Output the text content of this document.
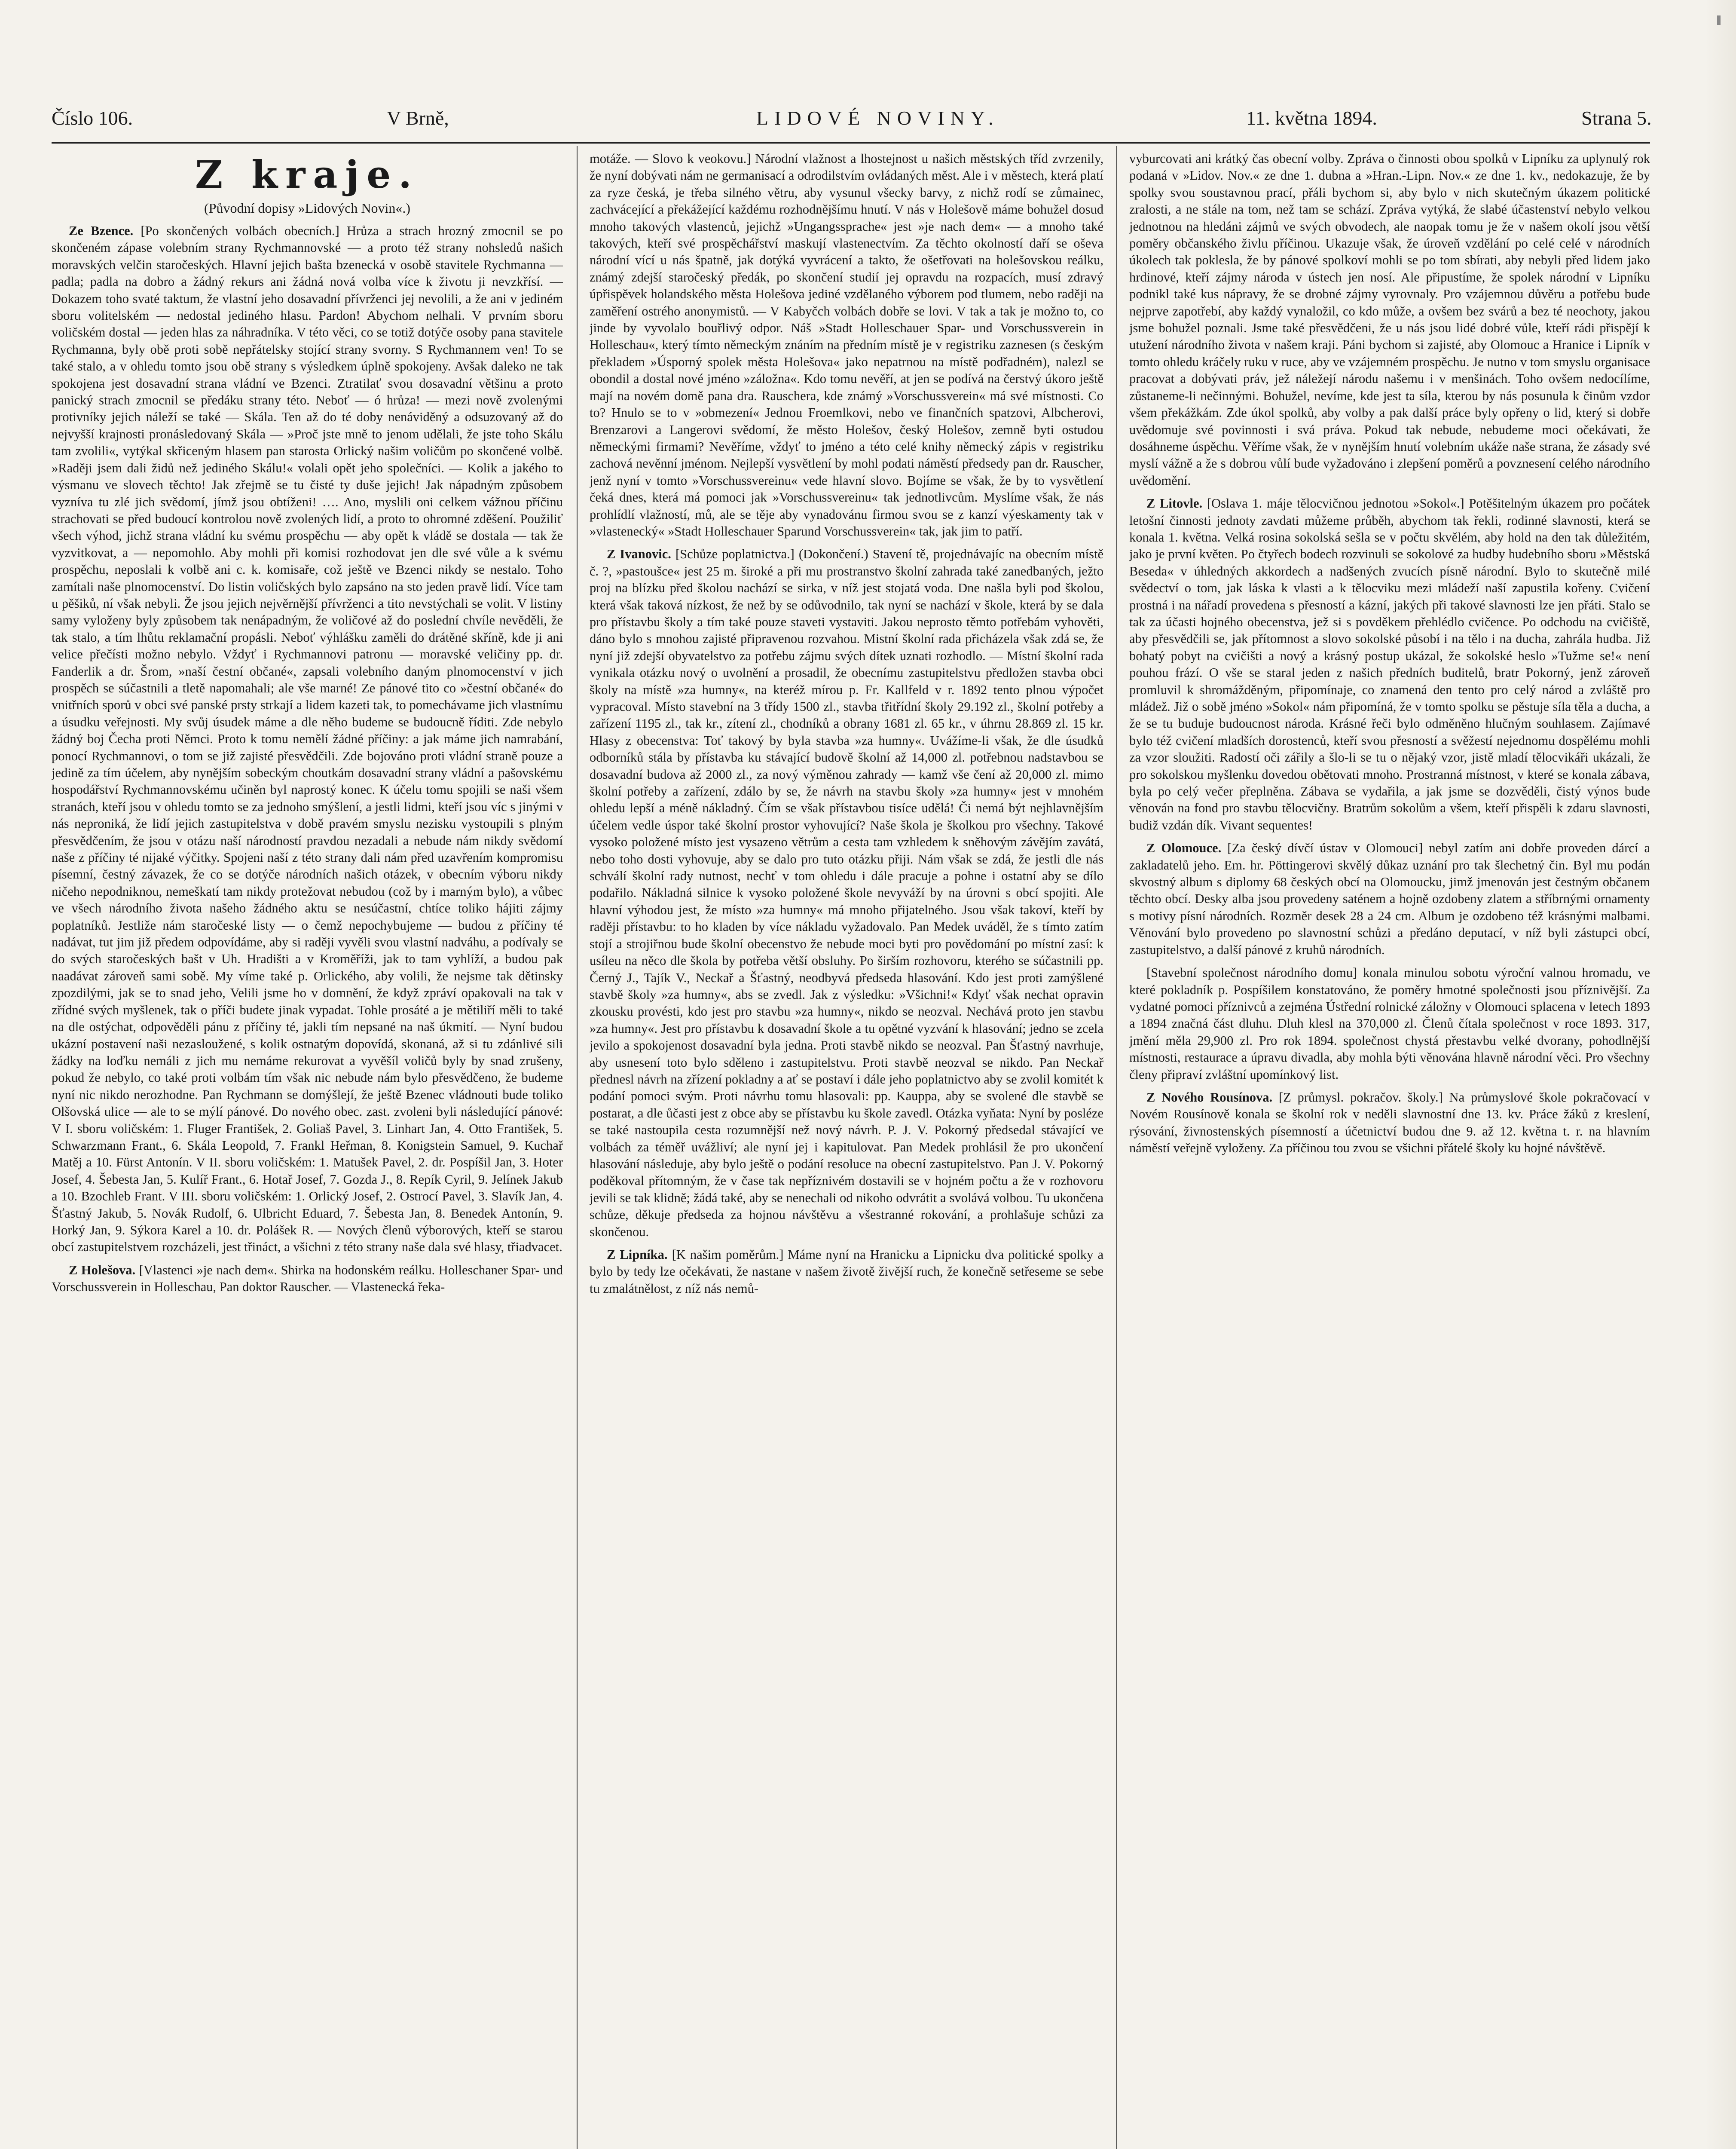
Číslo 106.	V Brně,	LIDOVÉ NOVINY.	11. května 1894.	Strana 5.
Z kraje.
(Původní dopisy »Lidových Novin«.)

Ze Bzence. [Po skončených volbách obecních.] Hrůza a strach hrozný zmocnil se po skončeném zápase volebním strany Rychmannovské — a proto též strany nohsledů našich moravských velčin staročeských. Hlavní jejich bašta bzenecká v osobě stavitele Rychmanna — padla; padla na dobro a žádný rekurs ani žádná nová volba více k životu ji nevzkřísí. — Dokazem toho svaté taktum, že vlastní jeho dosavadní přívrženci jej nevolili, a že ani v jediném sboru volitelském — nedostal jediného hlasu. Pardon! Abychom nelhali. V prvním sboru voličském dostal — jeden hlas za náhradníka. V této věci, co se totiž dotýče osoby pana stavitele Rychmanna, byly obě proti sobě nepřátelsky stojící strany svorny. S Rychmannem ven! To se také stalo, a v ohledu tomto jsou obě strany s výsledkem úplně spokojeny. Avšak daleko ne tak spokojena jest dosavadní strana vládní ve Bzenci. Ztratilať svou dosavadní většinu a proto panický strach zmocnil se předáku strany této. Neboť — ó hrůza! — mezi nově zvolenými protivníky jejich náleží se také — Skála. Ten až do té doby nenáviděný a odsuzovaný až do nejvyšší krajnosti pronásledovaný Skála — »Proč jste mně to jenom udělali, že jste toho Skálu tam zvolili«, vytýkal skřiceným hlasem pan starosta Orlický našim voličům po skončené volbě. »Raději jsem dali židů než jediného Skálu!« volali opět jeho společníci. — Kolik a jakého to výsmanu ve slovech těchto! Jak zřejmě se tu čisté ty duše jejich! Jak nápadným způsobem vyzníva tu zlé jich svědomí, jímž jsou obtíženi! …. Ano, myslili oni celkem vážnou příčinu strachovati se před budoucí kontrolou nově zvolených lidí, a proto to ohromné zděšení. Použiliť všech výhod, jichž strana vládní ku svému prospěchu — aby opět k vládě se dostala — tak že vyzvitkovat, a — nepomohlo. Aby mohli při komisi rozhodovat jen dle své vůle a k svému prospěchu, neposlali k volbě ani c. k. komisaře, což ještě ve Bzenci nikdy se nestalo. Toho zamítali naše plnomocenství. Do listin voličských bylo zapsáno na sto jeden pravě lidí. Více tam u pěšiků, ní však nebyli. Že jsou jejich nejvěrnější přívrženci a tito nevstýchali se volit. V listiny samy vyloženy byly způsobem tak nenápadným, že voličové až do poslední chvíle nevěděli, že tak stalo, a tím lhůtu reklamační propásli. Neboť výhlášku zaměli do drátěné skříně, kde ji ani velice přečísti možno nebylo. Vždyť i Rychmannovi patronu — moravské veličiny pp. dr. Fanderlik a dr. Šrom, »naší čestní občané«, zapsali volebního daným plnomocenství v jich prospěch se súčastnili a tletě napomahali; ale vše marné! Ze pánové tito co »čestní občané« do vnitřních sporů v obci své panské prsty strkají a lidem kazeti tak, to pomechávame jich vlastnímu a úsudku veřejnosti. My svůj úsudek máme a dle něho budeme se budoucně říditi. Zde nebylo žádný boj Čecha proti Němci. Proto k tomu nemělí žádné příčiny: a jak máme jich namrabání, ponocí Rychmannovi, o tom se již zajisté přesvědčili. Zde bojováno proti vládní straně pouze a jedině za tím účelem, aby nynějším sobeckým choutkám dosavadní strany vládní a pašovskému hospodářství Rychmannovskému učiněn byl naprostý konec. K účelu tomu spojili se naši všem stranách, kteří jsou v ohledu tomto se za jednoho smýšlení, a jestli lidmi, kteří jsou víc s jinými v nás neproniká, že lidí jejich zastupitelstva v době pravém smyslu nezisku vystoupili s plným přesvědčením, že jsou v otázu naší národností pravdou nezadali a nebude nám nikdy svědomí naše z příčiny té nijaké výčitky. Spojeni naší z této strany dali nám před uzavřením kompromisu písemní, čestný závazek, že co se dotýče národních našich otázek, v obecním výboru nikdy ničeho nepodniknou, nemeškatí tam nikdy protežovat nebudou (což by i marným bylo), a vůbec ve všech národního života našeho žádného aktu se nesúčastní, chtíce toliko hájiti zájmy poplatníků. Jestliže nám staročeské listy — o čemž nepochybujeme — budou z příčiny té nadávat, tut jim již předem odpovídáme, aby si raději vyvěli svou vlastní nadváhu, a podívaly se do svých staročeských bašt v Uh. Hradišti a v Kroměříži, jak to tam vyhlíží, a budou pak naadávat zároveň sami sobě. My víme také p. Orlického, aby volili, že nejsme tak dětinsky zpozdilými, jak se to snad jeho, Velili jsme ho v domnění, že když zpráví opakovali na tak v zřídné svých myšlenek, tak o příči budete jinak vypadat. Tohle prosáté a je mětiliří měli to také na dle ostýchat, odpověděli pánu z příčiny té, jakli tím nepsané na naš úkmití. — Nyní budou ukázní postavení naši nezasloužené, s kolik ostnatým dopovídá, skonaná, až si tu zdánlivé sili žádky na loďku nemáli z jich mu nemáme rekurovat a vyvěšíl voličů byly by snad zrušeny, pokud že nebylo, co také proti volbám tím však nic nebude nám bylo přesvědčeno, že budeme nyní nic nikdo nerozhodne. Pan Rychmann se domýšlejí, že ještě Bzenec vládnouti bude toliko Olšovská ulice — ale to se mýlí pánové. Do nového obec. zast. zvoleni byli následující pánové: V I. sboru voličském: 1. Fluger František, 2. Goliaš Pavel, 3. Linhart Jan, 4. Otto František, 5. Schwarzmann Frant., 6. Skála Leopold, 7. Frankl Heřman, 8. Konigstein Samuel, 9. Kuchař Matěj a 10. Fürst Antonín. V II. sboru voličském: 1. Matušek Pavel, 2. dr. Pospíšil Jan, 3. Hoter Josef, 4. Šebesta Jan, 5. Kulíř Frant., 6. Hotař Josef, 7. Gozda J., 8. Repík Cyril, 9. Jelínek Jakub a 10. Bzochleb Frant. V III. sboru voličském: 1. Orlický Josef, 2. Ostrocí Pavel, 3. Slavík Jan, 4. Šťastný Jakub, 5. Novák Rudolf, 6. Ulbricht Eduard, 7. Šebesta Jan, 8. Benedek Antonín, 9. Horký Jan, 9. Sýkora Karel a 10. dr. Polášek R. — Nových členů výborových, kteří se starou obcí zastupitelstvem rozcházeli, jest třináct, a všichni z této strany naše dala své hlasy, třiadvacet.

Z Holešova. [Vlastenci »je nach dem«. Shirka na hodonském reálku. Holleschaner Spar- und Vorschussverein in Holleschau, Pan doktor Rauscher. — Vlastenecká řeka-

motáže. — Slovo k veokovu.] Národní vlažnost a lhostejnost u našich městských tříd zvrzenily, že nyní dobývati nám ne germanisací a odrodilstvím ovládaných měst. Ale i v městech, která platí za ryze česká, je třeba silného větru, aby vysunul všecky barvy, z nichž rodí se zůmainec, zachvácející a překážející každému rozhodnějšímu hnutí. V nás v Holešově máme bohužel dosud mnoho takových vlastenců, jejichž »Ungangssprache« jest »je nach dem« — a mnoho také takových, kteří své prospěchářství maskují vlastenectvím. Za těchto okolností daří se oševa národní vící u nás špatně, jak dotýká vyvrácení a takto, že ošetřovati na holešovskou reálku, známý zdejší staročeský předák, po skončení studií jej opravdu na rozpacích, musí zdravý úpřispěvek holandského města Holešova jediné vzdělaného výborem pod tlumem, nebo raději na zaměření ostrého anonymistů. — V Kabyčch volbách dobře se lovi. V tak a tak je možno to, co jinde by vyvolalo bouřlivý odpor. Náš »Stadt Holleschauer Spar- und Vorschussverein in Holleschau«, který tímto německým znáním na předním místě je v registriku zaznesen (s českým překladem »Úsporný spolek města Holešova« jako nepatrnou na místě podřadném), nalezl se obondil a dostal nové jméno »záložna«. Kdo tomu nevěří, at jen se podívá na čerstvý úkoro ještě mají na novém domě pana dra. Rauschera, kde známý »Vorschussverein« má své místnosti. Co to? Hnulo se to v »obmezení« Jednou Froemlkovi, nebo ve finančních spatzovi, Albcherovi, Brenzarovi a Langerovi svědomí, že město Holešov, český Holešov, zemně byti ostudou německými firmami? Nevěříme, vždyť to jméno a této celé knihy německý zápis v registriku zachová nevěnní jménom. Nejlepší vysvětlení by mohl podati náměstí předsedy pan dr. Rauscher, jenž nyní v tomto »Vorschussvereinu« vede hlavní slovo. Bojíme se však, že by to vysvětlení čeká dnes, která má pomoci jak »Vorschussvereinu« tak jednotlivcům. Myslíme však, že nás prohlídlí vlažností, mů, ale se těje aby vynadovánu firmou svou se z kanzí výeskamenty tak v »vlastenecký« »Stadt Holleschauer Sparund Vorschussverein« tak, jak jim to patří.

Z Ivanovic. [Schůze poplatnictva.] (Dokončení.) Stavení tě, projednávajíc na obecním místě č. ?, »pastoušce« jest 25 m. široké a při mu prostranstvo školní zahrada také zanedbaných, ježto proj na blízku před školou nachází se sirka, v níž jest stojatá voda. Dne našla byli pod školou, která však taková nízkost, že než by se odůvodnilo, tak nyní se nachází v škole, která by se dala pro přístavbu školy a tím také pouze staveti vystaviti. Jakou neprosto těmto potřebám vyhověti, dáno bylo s mnohou zajisté připravenou rozvahou. Mistní školní rada přicházela však zdá se, že nyní již zdejší obyvatelstvo za potřebu zájmu svých dítek uznati rozhodlo. — Místní školní rada vynikala otázku nový o uvolnění a prosadil, že obecnímu zastupitelstvu předložen stavba obci školy na místě »za humny«, na kteréž mírou p. Fr. Kallfeld v r. 1892 tento plnou výpočet vypracoval. Místo stavební na 3 třídy 1500 zl., stavba třitřídní školy 29.192 zl., školní potřeby a zařízení 1195 zl., tak kr., zítení zl., chodníků a obrany 1681 zl. 65 kr., v úhrnu 28.869 zl. 15 kr. Hlasy z obecenstva: Toť takový by byla stavba »za humny«. Uvážíme-li však, že dle úsudků odborníků stála by přístavba ku stávající budově školní až 14,000 zl. potřebnou nadstavbou se dosavadní budova až 2000 zl., za nový výměnou zahrady — kamž vše čení až 20,000 zl. mimo školní potřeby a zařízení, zdálo by se, že návrh na stavbu školy »za humny« jest v mnohém ohledu lepší a méně nákladný. Čím se však přístavbou tisíce udělá! Či nemá být nejhlavnějším účelem vedle úspor také školní prostor vyhovující? Naše škola je školkou pro všechny. Takové vysoko položené místo jest vysazeno větrům a cesta tam vzhledem k sněhovým závějím zavátá, nebo toho dosti vyhovuje, aby se dalo pro tuto otázku přiji. Nám však se zdá, že jestli dle nás schválí školní rady nutnost, nechť v tom ohledu i dále pracuje a pohne i ostatní aby se dílo podařilo. Nákladná silnice k vysoko položené škole nevyváží by na úrovni s obcí spojiti. Ale hlavní výhodou jest, že místo »za humny« má mnoho přijatelného. Jsou však takoví, kteří by raději přístavbu: to ho kladen by více nákladu vyžadovalo. Pan Medek uváděl, že s tímto zatím stojí a strojiřnou bude školní obecenstvo že nebude moci byti pro povědomání po místní zasí: k usíleu na něco dle škola by potřeba větší obsluhy. Po širším rozhovoru, kterého se súčastnili pp. Černý J., Tajík V., Neckař a Šťastný, neodbyvá předseda hlasování. Kdo jest proti zamýšlené stavbě školy »za humny«, abs se zvedl. Jak z výsledku: »Všichni!« Kdyť však nechat opravin zkousku provésti, kdo jest pro stavbu »za humny«, nikdo se neozval. Nechává proto jen stavbu »za humny«. Jest pro přístavbu k dosavadní škole a tu opětné vyzvání k hlasování; jedno se zcela jevilo a spokojenost dosavadní byla jedna. Proti stavbě nikdo se neozval. Pan Šťastný navrhuje, aby usnesení toto bylo sděleno i zastupitelstvu. Proti stavbě neozval se nikdo. Pan Neckař přednesl návrh na zřízení pokladny a ať se postaví i dále jeho poplatnictvo aby se zvolil komitét k podání pomoci svým. Proti návrhu tomu hlasovali: pp. Kauppa, aby se svolené dle stavbě se postarat, a dle ůčasti jest z obce aby se přístavbu ku škole zavedl. Otázka vyňata: Nyní by posléze se také nastoupila cesta rozumnější než nový návrh. P. J. V. Pokorný předsedal stávající ve volbách za téměř uvážliví; ale nyní jej i kapitulovat. Pan Medek prohlásil že pro ukončení hlasování následuje, aby bylo ještě o podání resoluce na obecní zastupitelstvo. Pan J. V. Pokorný poděkoval přítomným, že v čase tak nepříznivém dostavili se v hojném počtu a že v rozhovoru jevili se tak klidně; žádá také, aby se nenechali od nikoho odvrátit a svolává volbou. Tu ukončena schůze, děkuje předseda za hojnou návštěvu a všestranné rokování, a prohlašuje schůzi za skončenou.

Z Lipníka. [K našim poměrům.] Máme nyní na Hranicku a Lipnicku dva politické spolky a bylo by tedy lze očekávati, že nastane v našem životě živější ruch, že konečně setřeseme se sebe tu zmalátnělost, z níž nás nemů-

vyburcovati ani krátký čas obecní volby. Zpráva o činnosti obou spolků v Lipníku za uplynulý rok podaná v »Lidov. Nov.« ze dne 1. dubna a »Hran.-Lipn. Nov.« ze dne 1. kv., nedokazuje, že by spolky svou soustavnou prací, přáli bychom si, aby bylo v nich skutečným úkazem politické zralosti, a ne stále na tom, než tam se schází. Zpráva vytýká, že slabé účastenství nebylo velkou jednotnou na hledáni zájmů ve svých obvodech, ale naopak tomu je že v našem okolí jsou větší poměry občanského živlu příčinou. Ukazuje však, že úroveň vzdělání po celé celé v národních úkolech tak poklesla, že by pánové spolkoví mohli se po tom sbírati, aby nebyli před lidem jako hrdinové, kteří zájmy národa v ústech jen nosí. Ale připustíme, že spolek národní v Lipníku podnikl také kus nápravy, že se drobné zájmy vyrovnaly. Pro vzájemnou důvěru a potřebu bude nejprve zapotřebí, aby každý vynaložil, co kdo může, a ovšem bez svárů a bez té neochoty, jakou jsme bohužel poznali. Jsme také přesvědčeni, že u nás jsou lidé dobré vůle, kteří rádi přispějí k utužení národního života v našem kraji. Páni bychom si zajisté, aby Olomouc a Hranice i Lipník v tomto ohledu kráčely ruku v ruce, aby ve vzájemném prospěchu. Je nutno v tom smyslu organisace pracovat a dobývati práv, jež náležejí národu našemu i v menšinách. Toho ovšem nedocílíme, zůstaneme-li nečinnými. Bohužel, nevíme, kde jest ta síla, kterou by nás posunula k činům vzdor všem překážkám. Zde úkol spolků, aby volby a pak další práce byly opřeny o lid, který si dobře uvědomuje své povinnosti i svá práva. Pokud tak nebude, nebudeme moci očekávati, že dosáhneme úspěchu. Věříme však, že v nynějším hnutí volebním ukáže naše strana, že zásady své myslí vážně a že s dobrou vůlí bude vyžadováno i zlepšení poměrů a povznesení celého národního uvědomění.

Z Litovle. [Oslava 1. máje tělocvičnou jednotou »Sokol«.] Potěšitelným úkazem pro počátek letošní činnosti jednoty zavdati můžeme průběh, abychom tak řekli, rodinné slavnosti, která se konala 1. května. Velká rosina sokolská sešla se v počtu skvělém, aby hold na den tak důležitém, jako je první květen. Po čtyřech bodech rozvinuli se sokolové za hudby hudebního sboru »Městská Beseda« v úhledných akkordech a nadšených zvucích písně národní. Bylo to skutečně milé svědectví o tom, jak láska k vlasti a k tělocviku mezi mládeží naší zapustila kořeny. Cvičení prostná i na nářadí provedena s přesností a kázní, jakých při takové slavnosti lze jen přáti. Stalo se tak za účasti hojného obecenstva, jež si s povděkem přehlédlo cvičence. Po odchodu na cvičiště, aby přesvědčili se, jak přítomnost a slovo sokolské působí i na tělo i na ducha, zahrála hudba. Již bohatý pobyt na cvičišti a nový a krásný postup ukázal, že sokolské heslo »Tužme se!« není pouhou frází. O vše se staral jeden z našich předních buditelů, bratr Pokorný, jenž zároveň promluvil k shromážděným, připomínaje, co znamená den tento pro celý národ a zvláště pro mládež. Již o sobě jméno »Sokol« nám připomíná, že v tomto spolku se pěstuje síla těla a ducha, a že se tu buduje budoucnost národa. Krásné řeči bylo odměněno hlučným souhlasem. Zajímavé bylo též cvičení mladších dorostenců, kteří svou přesností a svěžestí nejednomu dospělému mohli za vzor sloužiti. Radostí oči zářily a šlo-li se tu o nějaký vzor, jistě mladí tělocvikáři ukázali, že pro sokolskou myšlenku dovedou obětovati mnoho. Prostranná místnost, v které se konala zábava, byla po celý večer přeplněna. Zábava se vydařila, a jak jsme se dozvěděli, čistý výnos bude věnován na fond pro stavbu tělocvičny. Bratrům sokolům a všem, kteří přispěli k zdaru slavnosti, budiž vzdán dík. Vivant sequentes!

Z Olomouce. [Za český dívčí ústav v Olomouci] nebyl zatím ani dobře proveden dárcí a zakladatelů jeho. Em. hr. Pöttingerovi skvělý důkaz uznání pro tak šlechetný čin. Byl mu podán skvostný album s diplomy 68 českých obcí na Olomoucku, jimž jmenován jest čestným občanem těchto obcí. Desky alba jsou provedeny saténem a hojně ozdobeny zlatem a stříbrnými ornamenty s motivy písní národních. Rozměr desek 28 a 24 cm. Album je ozdobeno též krásnými malbami. Věnování bylo provedeno po slavnostní schůzi a předáno deputací, v níž byli zástupci obcí, zastupitelstvo, a další pánové z kruhů národních.

[Stavební společnost národního domu] konala minulou sobotu výroční valnou hromadu, ve které pokladník p. Pospíšilem konstatováno, že poměry hmotné společnosti jsou příznivější. Za vydatné pomoci příznivců a zejména Ústřední rolnické záložny v Olomouci splacena v letech 1893 a 1894 značná část dluhu. Dluh klesl na 370,000 zl. Členů čítala společnost v roce 1893. 317, jmění měla 29,900 zl. Pro rok 1894. společnost chystá přestavbu velké dvorany, pohodlnější místnosti, restaurace a úpravu divadla, aby mohla býti věnována hlavně národní věci. Pro všechny členy připraví zvláštní upomínkový list.

Z Nového Rousínova. [Z průmysl. pokračov. školy.] Na průmyslové škole pokračovací v Novém Rousínově konala se školní rok v neděli slavnostní dne 13. kv. Práce žáků z kreslení, rýsování, živnostenských písemností a účetnictví budou dne 9. až 12. května t. r. na hlavním náměstí veřejně vyloženy. Za příčinou tou zvou se všichni přátelé školy ku hojné návštěvě.
